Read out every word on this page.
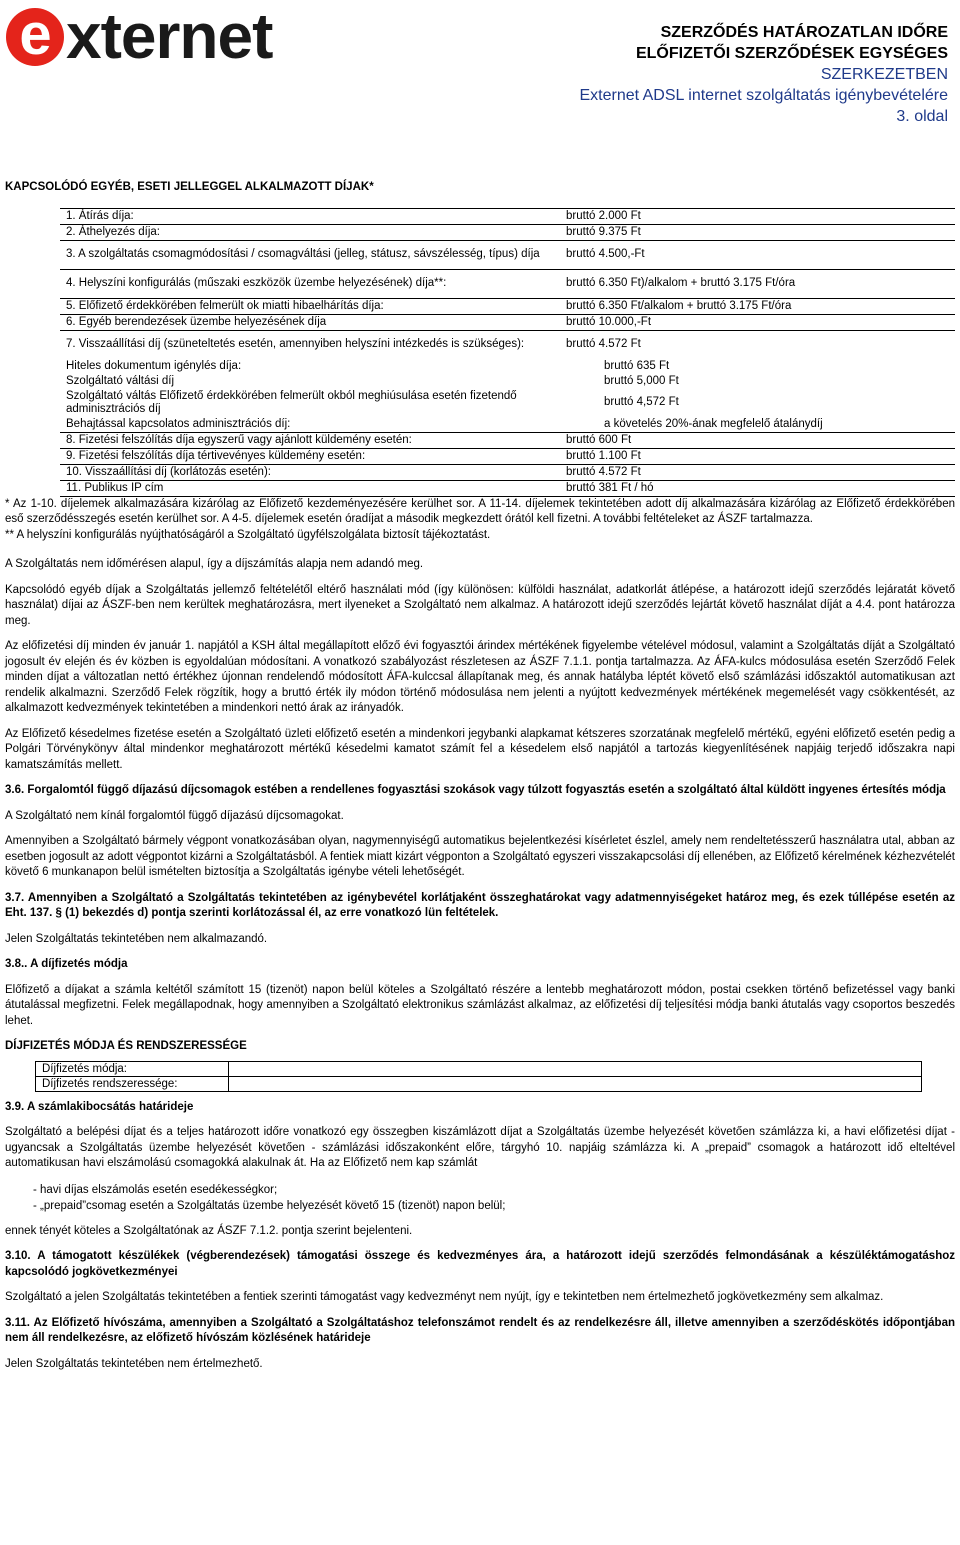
e xternet	SZERZŐDÉS HATÁROZATLAN IDŐRE
ELŐFIZETŐI SZERZŐDÉSEK EGYSÉGES
SZERKEZETBEN
Externet ADSL internet szolgáltatás igénybevételére
3. oldal
KAPCSOLÓDÓ EGYÉB, ESETI JELLEGGEL ALKALMAZOTT DÍJAK*
1. Átírás díja:	bruttó 2.000 Ft
2. Áthelyezés díja:	bruttó 9.375 Ft
3. A szolgáltatás csomagmódosítási / csomagváltási (jelleg, státusz, sávszélesség, típus) díja	bruttó 4.500,-Ft
4. Helyszíni konfigurálás (műszaki eszközök üzembe helyezésének) díja**:	bruttó 6.350 Ft)/alkalom + bruttó 3.175 Ft/óra
5. Előfizető érdekkörében felmerült ok miatti hibaelhárítás díja:	bruttó 6.350 Ft/alkalom + bruttó 3.175 Ft/óra
6. Egyéb berendezések üzembe helyezésének díja	bruttó 10.000,-Ft
7. Visszaállítási díj (szüneteltetés esetén, amennyiben helyszíni intézkedés is szükséges):	bruttó 4.572 Ft
Hiteles dokumentum igénylés díja:	bruttó 635 Ft
Szolgáltató váltási díj	bruttó 5,000 Ft
Szolgáltató váltás Előfizető érdekkörében felmerült okból meghiúsulása esetén fizetendő adminisztrációs díj	bruttó 4,572 Ft
Behajtással kapcsolatos adminisztrációs díj:	a követelés 20%-ának megfelelő átalánydíj
8. Fizetési felszólítás díja egyszerű vagy ajánlott küldemény esetén:	bruttó 600 Ft
9. Fizetési felszólítás díja tértivevényes küldemény esetén:	bruttó 1.100 Ft
10. Visszaállítási díj (korlátozás esetén):	bruttó 4.572 Ft
11. Publikus IP cím	bruttó 381 Ft / hó

* Az 1-10. díjelemek alkalmazására kizárólag az Előfizető kezdeményezésére kerülhet sor. A 11-14. díjelemek tekintetében adott díj alkalmazására kizárólag az Előfizető érdekkörében eső szerződésszegés esetén kerülhet sor. A 4-5. díjelemek esetén óradíjat a második megkezdett órától kell fizetni. A további feltételeket az ÁSZF tartalmazza.

** A helyszíni konfigurálás nyújthatóságáról a Szolgáltató ügyfélszolgálata biztosít tájékoztatást.

A Szolgáltatás nem időmérésen alapul, így a díjszámítás alapja nem adandó meg.

Kapcsolódó egyéb díjak a Szolgáltatás jellemző feltételétől eltérő használati mód (így különösen: külföldi használat, adatkorlát átlépése, a határozott idejű szerződés lejáratát követő használat) díjai az ÁSZF-ben nem kerültek meghatározásra, mert ilyeneket a Szolgáltató nem alkalmaz. A határozott idejű szerződés lejártát követő használat díját a 4.4. pont határozza meg.

Az előfizetési díj minden év január 1. napjától a KSH által megállapított előző évi fogyasztói árindex mértékének figyelembe vételével módosul, valamint a Szolgáltatás díját a Szolgáltató jogosult év elején és év közben is egyoldalúan módosítani. A vonatkozó szabályozást részletesen az ÁSZF 7.1.1. pontja tartalmazza. Az ÁFA-kulcs módosulása esetén Szerződő Felek minden díjat a változatlan nettó értékhez újonnan rendelendő módosított ÁFA-kulccsal állapítanak meg, és annak hatályba léptét követő első számlázási időszaktól automatikusan azt rendelik alkalmazni. Szerződő Felek rögzítik, hogy a bruttó érték ily módon történő módosulása nem jelenti a nyújtott kedvezmények mértékének megemelését vagy csökkentését, az alkalmazott kedvezmények tekintetében a mindenkori nettó árak az irányadók.

Az Előfizető késedelmes fizetése esetén a Szolgáltató üzleti előfizető esetén a mindenkori jegybanki alapkamat kétszeres szorzatának megfelelő mértékű, egyéni előfizető esetén pedig a Polgári Törvénykönyv által mindenkor meghatározott mértékű késedelmi kamatot számít fel a késedelem első napjától a tartozás kiegyenlítésének napjáig terjedő időszakra napi kamatszámítás mellett.

3.6. Forgalomtól függő díjazású díjcsomagok estében a rendellenes fogyasztási szokások vagy túlzott fogyasztás esetén a szolgáltató által küldött ingyenes értesítés módja

A Szolgáltató nem kínál forgalomtól függő díjazású díjcsomagokat.

Amennyiben a Szolgáltató bármely végpont vonatkozásában olyan, nagymennyiségű automatikus bejelentkezési kísérletet észlel, amely nem rendeltetésszerű használatra utal, abban az esetben jogosult az adott végpontot kizárni a Szolgáltatásból. A fentiek miatt kizárt végponton a Szolgáltató egyszeri visszakapcsolási díj ellenében, az Előfizető kérelmének kézhezvételét követő 6 munkanapon belül ismételten biztosítja a Szolgáltatás igénybe vételi lehetőségét.

3.7. Amennyiben a Szolgáltató a Szolgáltatás tekintetében az igénybevétel korlátjaként összeghatárokat vagy adatmennyiségeket határoz meg, és ezek túllépése esetén az Eht. 137. § (1) bekezdés d) pontja szerinti korlátozással él, az erre vonatkozó lün feltételek.

Jelen Szolgáltatás tekintetében nem alkalmazandó.

3.8.. A díjfizetés módja

Előfizető a díjakat a számla keltétől számított 15 (tizenöt) napon belül köteles a Szolgáltató részére a lentebb meghatározott módon, postai csekken történő befizetéssel vagy banki átutalással megfizetni. Felek megállapodnak, hogy amennyiben a Szolgáltató elektronikus számlázást alkalmaz, az előfizetési díj teljesítési módja banki átutalás vagy csoportos beszedés lehet.

DÍJFIZETÉS MÓDJA ÉS RENDSZERESSÉGE

Díjfizetés módja:	
Díjfizetés rendszeressége:	

3.9. A számlakibocsátás határideje

Szolgáltató a belépési díjat és a teljes határozott időre vonatkozó egy összegben kiszámlázott díjat a Szolgáltatás üzembe helyezését követően számlázza ki, a havi előfizetési díjat - ugyancsak a Szolgáltatás üzembe helyezését követően - számlázási időszakonként előre, tárgyhó 10. napjáig számlázza ki. A „prepaid” csomagok a határozott idő elteltével automatikusan havi elszámolású csomagokká alakulnak át. Ha az Előfizető nem kap számlát

- havi díjas elszámolás esetén esedékességkor;
- „prepaid”csomag esetén a Szolgáltatás üzembe helyezését követő 15 (tizenöt) napon belül;

ennek tényét köteles a Szolgáltatónak az ÁSZF 7.1.2. pontja szerint bejelenteni.

3.10. A támogatott készülékek (végberendezések) támogatási összege és kedvezményes ára, a határozott idejű szerződés felmondásának a készüléktámogatáshoz kapcsolódó jogkövetkezményei

Szolgáltató a jelen Szolgáltatás tekintetében a fentiek szerinti támogatást vagy kedvezményt nem nyújt, így e tekintetben nem értelmezhető jogkövetkezmény sem alkalmaz.

3.11. Az Előfizető hívószáma, amennyiben a Szolgáltató a Szolgáltatáshoz telefonszámot rendelt és az rendelkezésre áll, illetve amennyiben a szerződéskötés időpontjában nem áll rendelkezésre, az előfizető hívószám közlésének határideje

Jelen Szolgáltatás tekintetében nem értelmezhető.
